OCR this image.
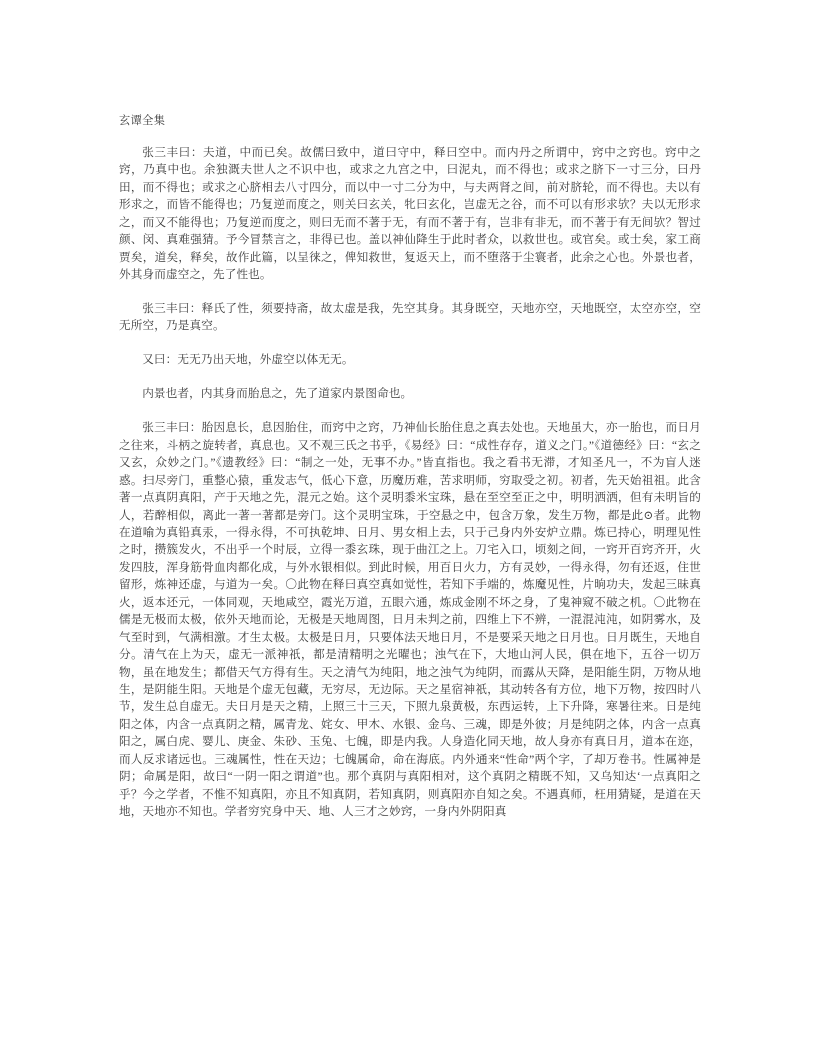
玄谭全集

张三丰曰：夫道，中而已矣。故儒曰致中，道曰守中，释曰空中。而内丹之所谓中，窍中之窍也。窍中之窍，乃真中也。余独溉夫世人之不识中也，或求之九宫之中，曰泥丸，而不得也；或求之脐下一寸三分，曰丹田，而不得也；或求之心脐相去八寸四分，而以中一寸二分为中，与夫两肾之间，前对脐轮，而不得也。夫以有形求之，而皆不能得也；乃复逆而度之，则关曰玄关，牝曰玄化，岂虚无之谷，而不可以有形求欤？夫以无形求之，而又不能得也；乃复逆而度之，则曰无而不著于无，有而不著于有，岂非有非无，而不著于有无间欤？智过颜、闵、真难强猜。予今冒禁言之，非得已也。盖以神仙降生于此时者众，以救世也。或官矣。或士矣，家工商贾矣，道矣，释矣，故作此篇，以呈徕之，俾知救世，复返天上，而不堕落于尘寰者，此余之心也。外景也者，外其身而虚空之，先了性也。

张三丰曰：释氏了性，须要持斋，故太虚是我，先空其身。其身既空，天地亦空，天地既空，太空亦空，空无所空，乃是真空。

又曰：无无乃出天地，外虚空以体无无。

内景也者，内其身而胎息之，先了道家内景图命也。

张三丰曰：胎因息长，息因胎住，而窍中之窍，乃神仙长胎住息之真去处也。天地虽大，亦一胎也，而日月之往来，斗柄之旋转者，真息也。又不观三氏之书乎，《易经》曰：“成性存存，道义之门。”《道德经》曰：“玄之又玄，众妙之门。”《遗教经》曰：“制之一处，无事不办。”皆直指也。我之看书无滞，才知圣凡一，不为盲人迷惑。扫尽旁门，重整心猿，重发志气，低心下意，历魔历难，苦求明师，穷取受之初。初者，先天始祖祖。此含著一点真阴真阳，产于天地之先，混元之始。这个灵明黍米宝珠，悬在至空至正之中，明明洒洒，但有未明旨的人，若醉相似，离此一著一著都是旁门。这个灵明宝珠，于空悬之中，包含万象，发生万物，都是此⊙者。此物在道喻为真铅真汞，一得永得，不可执乾坤、日月、男女相上去，只于己身内外安炉立鼎。炼已持心，明理见性之时，攒簇发火，不出乎一个时辰，立得一黍玄珠，现于曲江之上。刀宅入口，顷刻之间，一窍开百窍齐开，火发四肢，浑身筋骨血肉都化成，与外水银相似。到此时候，用百日火力，方有灵妙，一得永得，勿有还返，住世留形，炼神还虚，与道为一矣。〇此物在释曰真空真如觉性，若知下手端的，炼魔见性，片晌功夫，发起三昧真火，返本还元，一体同观，天地咸空，霞光万道，五眼六通，炼成金刚不坏之身，了鬼神窥不破之机。〇此物在儒是无极而太极，依外天地而论，无极是天地周图，日月未判之前，四维上下不辨，一混混沌沌，如阴雾水，及气至时到，气满相激。才生太极。太极是日月，只要体法天地日月，不是要采天地之日月也。日月既生，天地自分。清气在上为天，虚无一派神祇，都是清精明之光曜也；浊气在下，大地山河人民，俱在地下，五谷一切万物，虽在地发生；都借天气方得有生。天之清气为纯阳，地之浊气为纯阴，而露从天降，是阳能生阴，万物从地生，是阴能生阳。天地是个虚无包藏，无穷尽，无边际。天之星宿神祇，其动转各有方位，地下万物，按四时八节，发生总自虚无。夫日月是天之精，上照三十三天，下照九泉黄极，东西运转，上下升降，寒暑往来。日是纯阳之体，内含一点真阴之精，属青龙、姹女、甲木、水银、金乌、三魂，即是外彼；月是纯阴之体，内含一点真阳之，属白虎、婴儿、庚金、朱砂、玉兔、七魄，即是内我。人身造化同天地，故人身亦有真日月，道本在迩，而人反求诸远也。三魂属性，性在天边；七魄属命，命在海底。内外通来“性命”两个字，了却万卷书。性属神是阴；命属是阳，故曰“一阴一阳之谓道”也。那个真阴与真阳相对，这个真阴之精既不知，又乌知达‘一点真阳之乎？今之学者，不惟不知真阳，亦且不知真阴，若知真阴，则真阳亦自知之矣。不遇真师，枉用猜疑，是道在天地，天地亦不知也。学者穷究身中天、地、人三才之妙窍，一身内外阴阳真
